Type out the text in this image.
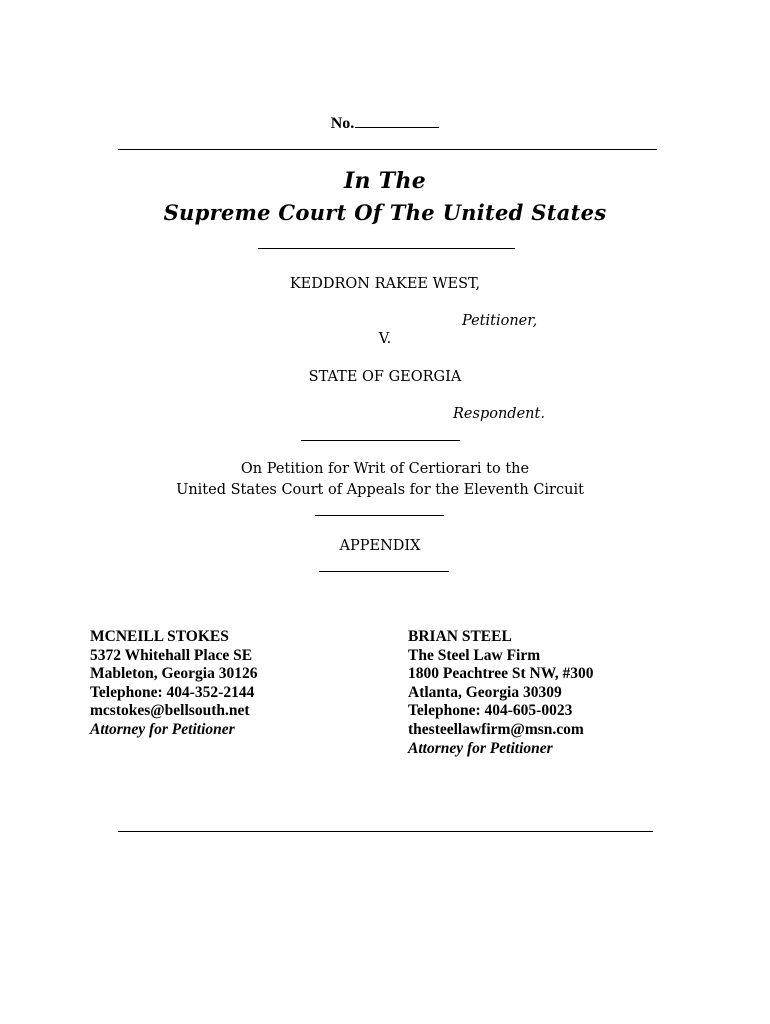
No.
In The
Supreme Court Of The United States
KEDDRON RAKEE WEST,
Petitioner,
V.
STATE OF GEORGIA
Respondent.
On Petition for Writ of Certiorari to the
United States Court of Appeals for the Eleventh Circuit
APPENDIX
MCNEILL STOKES
5372 Whitehall Place SE
Mableton, Georgia 30126
Telephone: 404-352-2144
mcstokes@bellsouth.net
Attorney for Petitioner
BRIAN STEEL
The Steel Law Firm
1800 Peachtree St NW, #300
Atlanta, Georgia 30309
Telephone: 404-605-0023
thesteellawfirm@msn.com
Attorney for Petitioner
